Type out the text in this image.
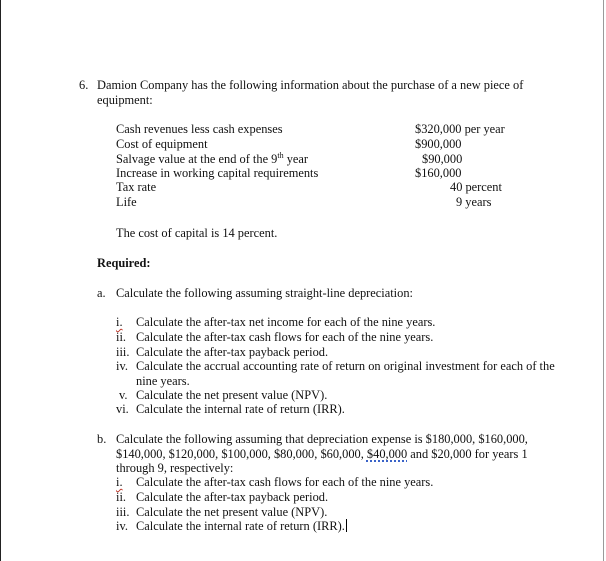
6. Damion Company has the following information about the purchase of a new piece of
equipment:
Cash revenues less cash expenses
Cost of equipment
Salvage value at the end of the 9th year
Increase in working capital requirements
Tax rate
Life
$320,000 per year
$900,000
$90,000
$160,000
40 percent
9 years
The cost of capital is 14 percent.
Required:
a. Calculate the following assuming straight-line depreciation:
i. Calculate the after-tax net income for each of the nine years.
ii. Calculate the after-tax cash flows for each of the nine years.
iii. Calculate the after-tax payback period.
iv. Calculate the accrual accounting rate of return on original investment for each of the
nine years.
v. Calculate the net present value (NPV).
vi. Calculate the internal rate of return (IRR).
b. Calculate the following assuming that depreciation expense is $180,000, $160,000,
$140,000, $120,000, $100,000, $80,000, $60,000, $40,000 and $20,000 for years 1
through 9, respectively:
i. Calculate the after-tax cash flows for each of the nine years.
ii. Calculate the after-tax payback period.
iii. Calculate the net present value (NPV).
iv. Calculate the internal rate of return (IRR).
